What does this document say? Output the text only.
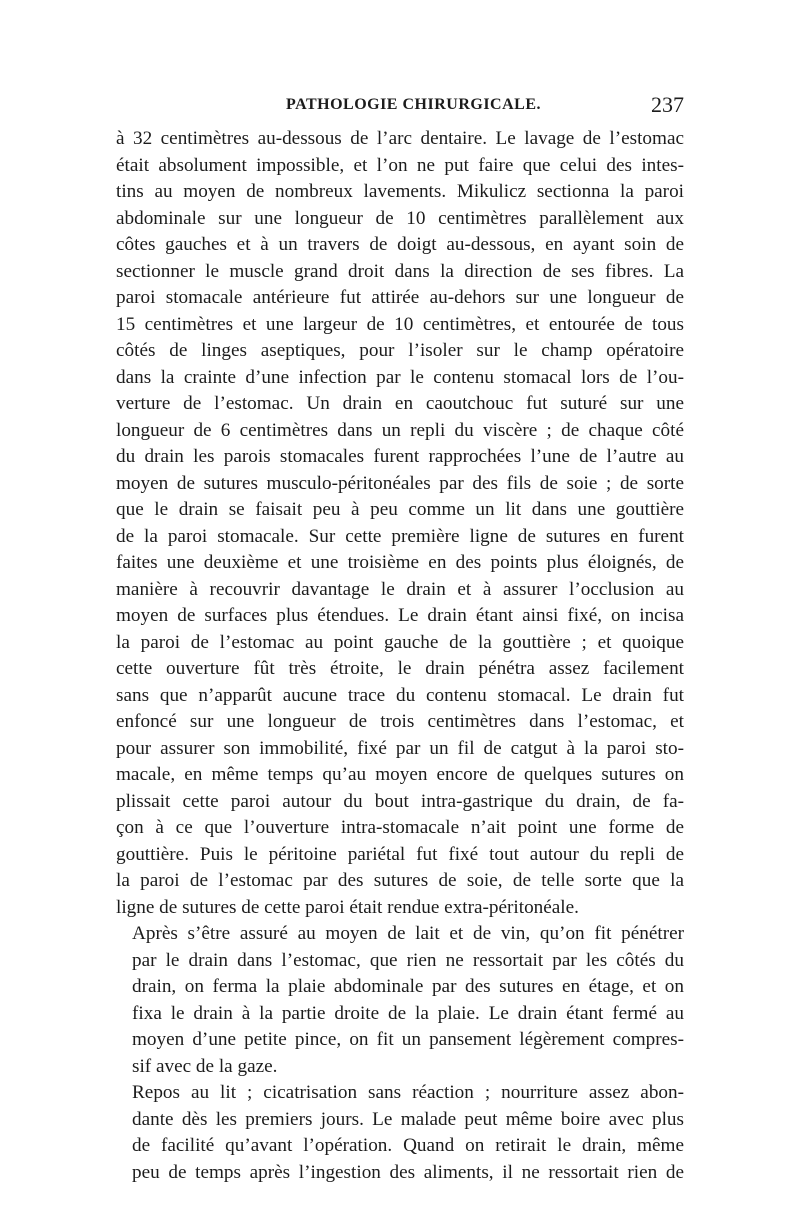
PATHOLOGIE CHIRURGICALE.	237

à 32 centimètres au-dessous de l’arc dentaire. Le lavage de l’estomac
était absolument impossible, et l’on ne put faire que celui des intes-
tins au moyen de nombreux lavements. Mikulicz sectionna la paroi
abdominale sur une longueur de 10 centimètres parallèlement aux
côtes gauches et à un travers de doigt au-dessous, en ayant soin de
sectionner le muscle grand droit dans la direction de ses fibres. La
paroi stomacale antérieure fut attirée au-dehors sur une longueur de
15 centimètres et une largeur de 10 centimètres, et entourée de tous
côtés de linges aseptiques, pour l’isoler sur le champ opératoire
dans la crainte d’une infection par le contenu stomacal lors de l’ou-
verture de l’estomac. Un drain en caoutchouc fut suturé sur une
longueur de 6 centimètres dans un repli du viscère ; de chaque côté
du drain les parois stomacales furent rapprochées l’une de l’autre au
moyen de sutures musculo-péritonéales par des fils de soie ; de sorte
que le drain se faisait peu à peu comme un lit dans une gouttière
de la paroi stomacale. Sur cette première ligne de sutures en furent
faites une deuxième et une troisième en des points plus éloignés, de
manière à recouvrir davantage le drain et à assurer l’occlusion au
moyen de surfaces plus étendues. Le drain étant ainsi fixé, on incisa
la paroi de l’estomac au point gauche de la gouttière ; et quoique
cette ouverture fût très étroite, le drain pénétra assez facilement
sans que n’apparût aucune trace du contenu stomacal. Le drain fut
enfoncé sur une longueur de trois centimètres dans l’estomac, et
pour assurer son immobilité, fixé par un fil de catgut à la paroi sto-
macale, en même temps qu’au moyen encore de quelques sutures on
plissait cette paroi autour du bout intra-gastrique du drain, de fa-
çon à ce que l’ouverture intra-stomacale n’ait point une forme de
gouttière. Puis le péritoine pariétal fut fixé tout autour du repli de
la paroi de l’estomac par des sutures de soie, de telle sorte que la
ligne de sutures de cette paroi était rendue extra-péritonéale.

Après s’être assuré au moyen de lait et de vin, qu’on fit pénétrer
par le drain dans l’estomac, que rien ne ressortait par les côtés du
drain, on ferma la plaie abdominale par des sutures en étage, et on
fixa le drain à la partie droite de la plaie. Le drain étant fermé au
moyen d’une petite pince, on fit un pansement légèrement compres-
sif avec de la gaze.

Repos au lit ; cicatrisation sans réaction ; nourriture assez abon-
dante dès les premiers jours. Le malade peut même boire avec plus
de facilité qu’avant l’opération. Quand on retirait le drain, même
peu de temps après l’ingestion des aliments, il ne ressortait rien de
